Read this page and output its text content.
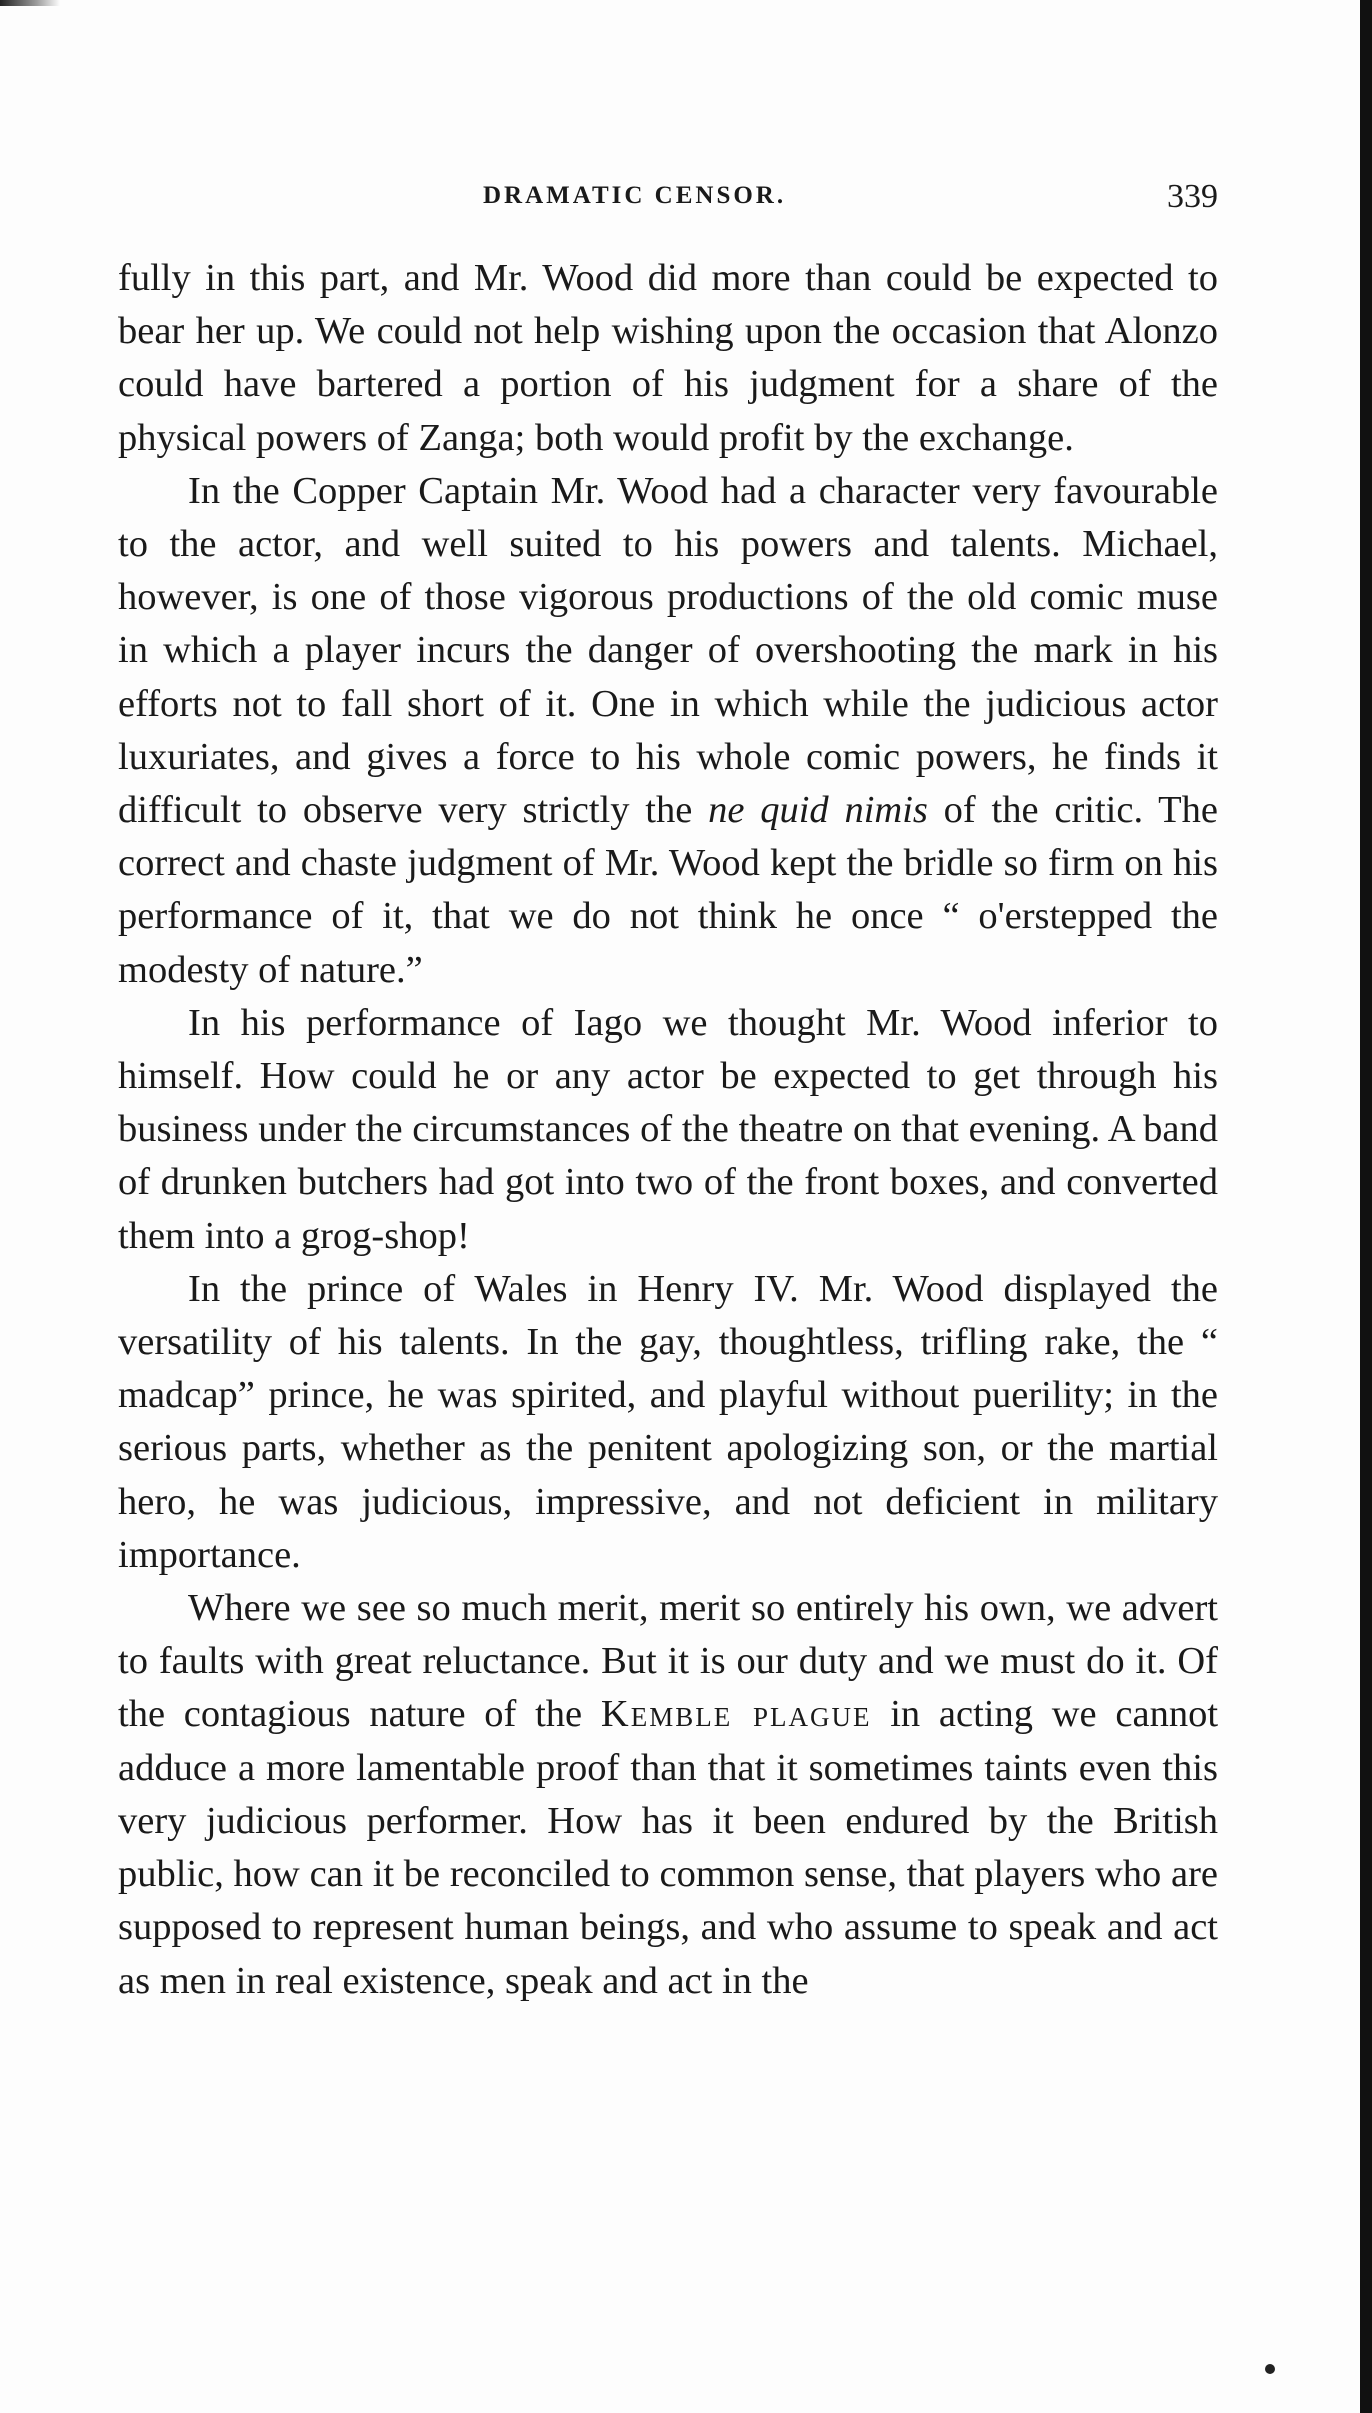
DRAMATIC CENSOR.	339

fully in this part, and Mr. Wood did more than could be expected to bear her up. We could not help wishing upon the occasion that Alonzo could have bartered a portion of his judgment for a share of the physical powers of Zanga; both would profit by the exchange.

In the Copper Captain Mr. Wood had a character very favourable to the actor, and well suited to his powers and talents. Michael, however, is one of those vigorous productions of the old comic muse in which a player incurs the danger of overshooting the mark in his efforts not to fall short of it. One in which while the judicious actor luxuriates, and gives a force to his whole comic powers, he finds it difficult to observe very strictly the ne quid nimis of the critic. The correct and chaste judgment of Mr. Wood kept the bridle so firm on his performance of it, that we do not think he once “ o'erstepped the modesty of nature.”

In his performance of Iago we thought Mr. Wood inferior to himself. How could he or any actor be expected to get through his business under the circumstances of the theatre on that evening. A band of drunken butchers had got into two of the front boxes, and converted them into a grog-shop!

In the prince of Wales in Henry IV. Mr. Wood displayed the versatility of his talents. In the gay, thoughtless, trifling rake, the “ madcap” prince, he was spirited, and playful without puerility; in the serious parts, whether as the penitent apologizing son, or the martial hero, he was judicious, impressive, and not deficient in military importance.

Where we see so much merit, merit so entirely his own, we advert to faults with great reluctance. But it is our duty and we must do it. Of the contagious nature of the Kemble plague in acting we cannot adduce a more lamentable proof than that it sometimes taints even this very judicious performer. How has it been endured by the British public, how can it be reconciled to common sense, that players who are supposed to represent human beings, and who assume to speak and act as men in real existence, speak and act in the
